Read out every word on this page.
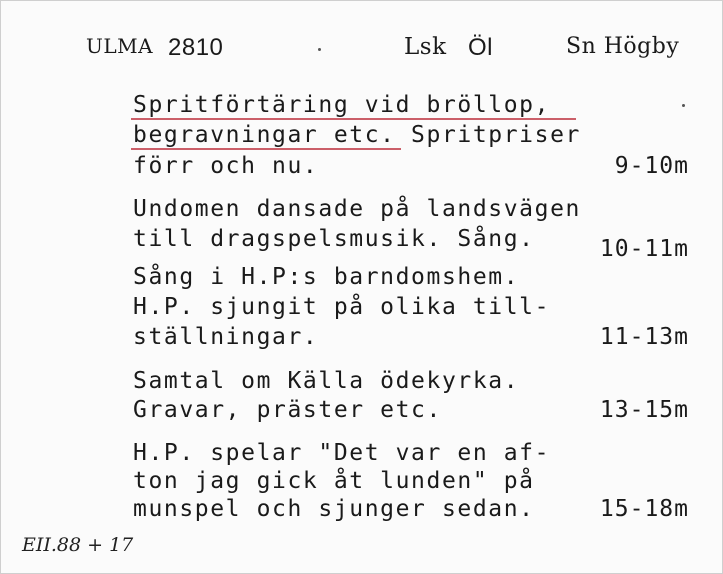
ULMA 2810	Lsk Öl	Sn Högby
Spritförtäring vid bröllop,
begravningar etc. Spritpriser
förr och nu.	9-10m
Undomen dansade på landsvägen
till dragspelsmusik. Sång.	10-11m
Sång i H.P:s barndomshem.
H.P. sjungit på olika till-
ställningar.	11-13m
Samtal om Källa ödekyrka.
Gravar, präster etc.	13-15m
H.P. spelar "Det var en af-
ton jag gick åt lunden" på
munspel och sjunger sedan.	15-18m
EII.88 + 17
